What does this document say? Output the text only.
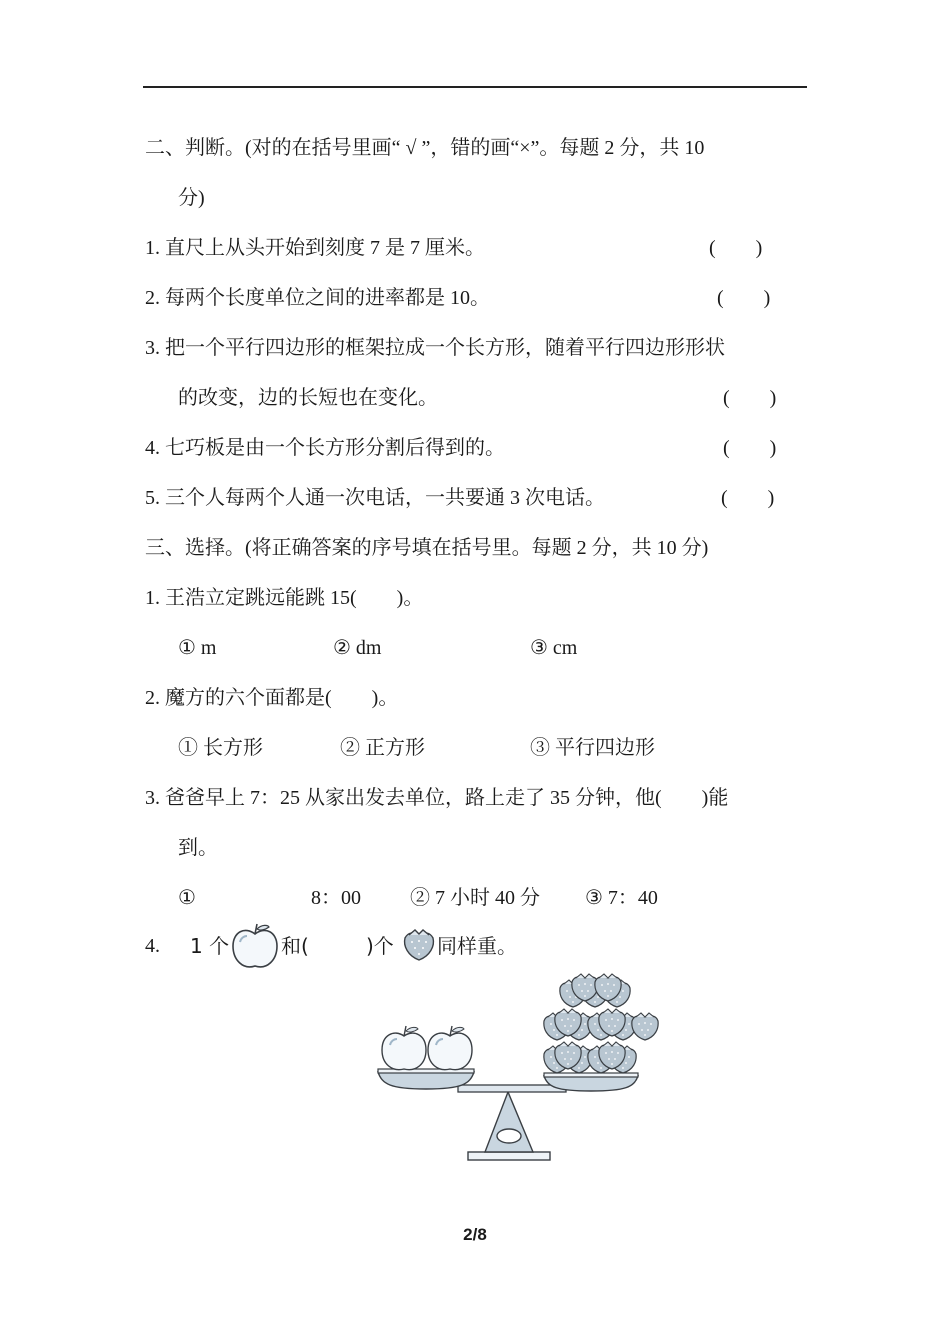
二、判断。(对的在括号里画“ √ ”，错的画“×”。每题 2 分，共 10
分)
1. 直尺上从头开始到刻度 7 是 7 厘米。	(　　)
2. 每两个长度单位之间的进率都是 10。	(　　)
3. 把一个平行四边形的框架拉成一个长方形，随着平行四边形形状
的改变，边的长短也在变化。	(　　)
4. 七巧板是由一个长方形分割后得到的。	(　　)
5. 三个人每两个人通一次电话，一共要通 3 次电话。	(　　)
三、选择。(将正确答案的序号填在括号里。每题 2 分，共 10 分)
1. 王浩立定跳远能跳 15(　　)。
① m	② dm	③ cm
2. 魔方的六个面都是(　　)。
① 长方形	② 正方形	③ 平行四边形
3. 爸爸早上 7：25 从家出发去单位，路上走了 35 分钟，他(　　)能
到。
①	8：00 ② 7 小时 40 分 ③ 7：40
4. 1 个	和(	)个 同样重。
2/8
